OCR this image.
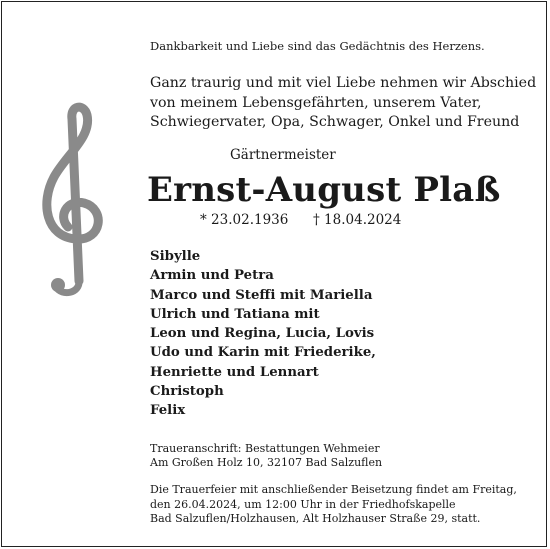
Dankbarkeit und Liebe sind das Gedächtnis des Herzens.
Ganz traurig und mit viel Liebe nehmen wir Abschied
von meinem Lebensgefährten, unserem Vater,
Schwiegervater, Opa, Schwager, Onkel und Freund
Gärtnermeister
Ernst-August Plaß
* 23.02.1936 † 18.04.2024
Sibylle
Armin und Petra
Marco und Steffi mit Mariella
Ulrich und Tatiana mit
Leon und Regina, Lucia, Lovis
Udo und Karin mit Friederike,
Henriette und Lennart
Christoph
Felix
Traueranschrift: Bestattungen Wehmeier
Am Großen Holz 10, 32107 Bad Salzuflen
Die Trauerfeier mit anschließender Beisetzung findet am Freitag,
den 26.04.2024, um 12:00 Uhr in der Friedhofskapelle
Bad Salzuflen/Holzhausen, Alt Holzhauser Straße 29, statt.
